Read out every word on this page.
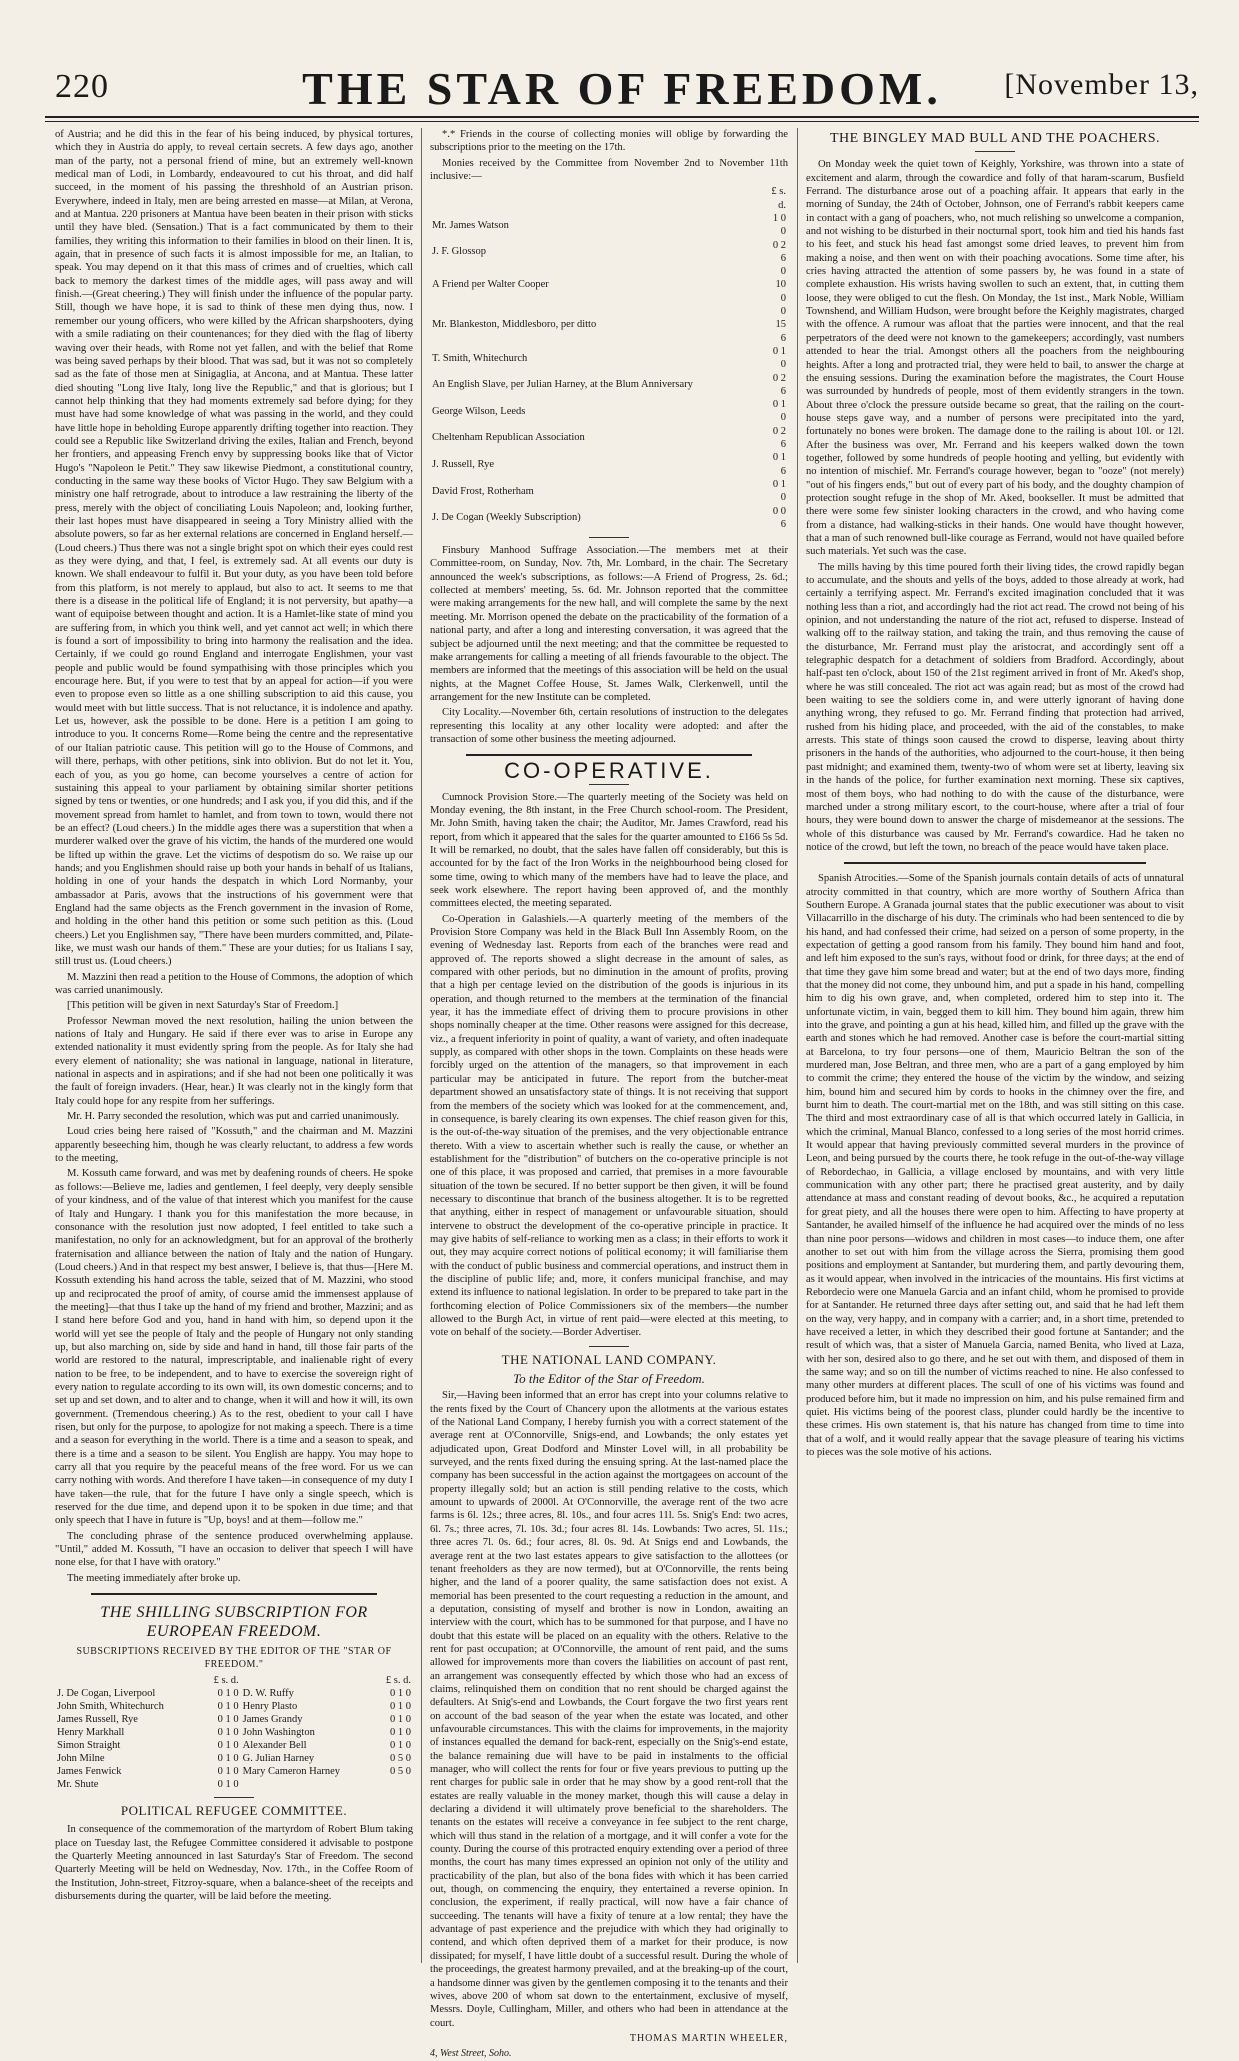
220	THE STAR OF FREEDOM.	[November 13,

of Austria; and he did this in the fear of his being induced, by physical tortures, which they in Austria do apply, to reveal certain secrets. A few days ago, another man of the party, not a personal friend of mine, but an extremely well-known medical man of Lodi, in Lombardy, endeavoured to cut his throat, and did half succeed, in the moment of his passing the threshhold of an Austrian prison. Everywhere, indeed in Italy, men are being arrested en masse—at Milan, at Verona, and at Mantua. 220 prisoners at Mantua have been beaten in their prison with sticks until they have bled. (Sensation.) That is a fact communicated by them to their families, they writing this information to their families in blood on their linen. It is, again, that in presence of such facts it is almost impossible for me, an Italian, to speak. You may depend on it that this mass of crimes and of cruelties, which call back to memory the darkest times of the middle ages, will pass away and will finish.—(Great cheering.) They will finish under the influence of the popular party. Still, though we have hope, it is sad to think of these men dying thus, now. I remember our young officers, who were killed by the African sharpshooters, dying with a smile radiating on their countenances; for they died with the flag of liberty waving over their heads, with Rome not yet fallen, and with the belief that Rome was being saved perhaps by their blood. That was sad, but it was not so completely sad as the fate of those men at Sinigaglia, at Ancona, and at Mantua. These latter died shouting "Long live Italy, long live the Republic," and that is glorious; but I cannot help thinking that they had moments extremely sad before dying; for they must have had some knowledge of what was passing in the world, and they could have little hope in beholding Europe apparently drifting together into reaction. They could see a Republic like Switzerland driving the exiles, Italian and French, beyond her frontiers, and appeasing French envy by suppressing books like that of Victor Hugo's "Napoleon le Petit." They saw likewise Piedmont, a constitutional country, conducting in the same way these books of Victor Hugo. They saw Belgium with a ministry one half retrograde, about to introduce a law restraining the liberty of the press, merely with the object of conciliating Louis Napoleon; and, looking further, their last hopes must have disappeared in seeing a Tory Ministry allied with the absolute powers, so far as her external relations are concerned in England herself.—(Loud cheers.) Thus there was not a single bright spot on which their eyes could rest as they were dying, and that, I feel, is extremely sad. At all events our duty is known. We shall endeavour to fulfil it. But your duty, as you have been told before from this platform, is not merely to applaud, but also to act. It seems to me that there is a disease in the political life of England; it is not perversity, but apathy—a want of equipoise between thought and action. It is a Hamlet-like state of mind you are suffering from, in which you think well, and yet cannot act well; in which there is found a sort of impossibility to bring into harmony the realisation and the idea. Certainly, if we could go round England and interrogate Englishmen, your vast people and public would be found sympathising with those principles which you encourage here. But, if you were to test that by an appeal for action—if you were even to propose even so little as a one shilling subscription to aid this cause, you would meet with but little success. That is not reluctance, it is indolence and apathy. Let us, however, ask the possible to be done. Here is a petition I am going to introduce to you. It concerns Rome—Rome being the centre and the representative of our Italian patriotic cause. This petition will go to the House of Commons, and will there, perhaps, with other petitions, sink into oblivion. But do not let it. You, each of you, as you go home, can become yourselves a centre of action for sustaining this appeal to your parliament by obtaining similar shorter petitions signed by tens or twenties, or one hundreds; and I ask you, if you did this, and if the movement spread from hamlet to hamlet, and from town to town, would there not be an effect? (Loud cheers.) In the middle ages there was a superstition that when a murderer walked over the grave of his victim, the hands of the murdered one would be lifted up within the grave. Let the victims of despotism do so. We raise up our hands; and you Englishmen should raise up both your hands in behalf of us Italians, holding in one of your hands the despatch in which Lord Normanby, your ambassador at Paris, avows that the instructions of his government were that England had the same objects as the French government in the invasion of Rome, and holding in the other hand this petition or some such petition as this. (Loud cheers.) Let you Englishmen say, "There have been murders committed, and, Pilate-like, we must wash our hands of them." These are your duties; for us Italians I say, still trust us. (Loud cheers.)

M. Mazzini then read a petition to the House of Commons, the adoption of which was carried unanimously.

[This petition will be given in next Saturday's Star of Freedom.]

Professor Newman moved the next resolution, hailing the union between the nations of Italy and Hungary. He said if there ever was to arise in Europe any extended nationality it must evidently spring from the people. As for Italy she had every element of nationality; she was national in language, national in literature, national in aspects and in aspirations; and if she had not been one politically it was the fault of foreign invaders. (Hear, hear.) It was clearly not in the kingly form that Italy could hope for any respite from her sufferings.

Mr. H. Parry seconded the resolution, which was put and carried unanimously.

Loud cries being here raised of "Kossuth," and the chairman and M. Mazzini apparently beseeching him, though he was clearly reluctant, to address a few words to the meeting,

M. Kossuth came forward, and was met by deafening rounds of cheers. He spoke as follows:—Believe me, ladies and gentlemen, I feel deeply, very deeply sensible of your kindness, and of the value of that interest which you manifest for the cause of Italy and Hungary. I thank you for this manifestation the more because, in consonance with the resolution just now adopted, I feel entitled to take such a manifestation, no only for an acknowledgment, but for an approval of the brotherly fraternisation and alliance between the nation of Italy and the nation of Hungary. (Loud cheers.) And in that respect my best answer, I believe is, that thus—[Here M. Kossuth extending his hand across the table, seized that of M. Mazzini, who stood up and reciprocated the proof of amity, of course amid the immensest applause of the meeting]—that thus I take up the hand of my friend and brother, Mazzini; and as I stand here before God and you, hand in hand with him, so depend upon it the world will yet see the people of Italy and the people of Hungary not only standing up, but also marching on, side by side and hand in hand, till those fair parts of the world are restored to the natural, imprescriptable, and inalienable right of every nation to be free, to be independent, and to have to exercise the sovereign right of every nation to regulate according to its own will, its own domestic concerns; and to set up and set down, and to alter and to change, when it will and how it will, its own government. (Tremendous cheering.) As to the rest, obedient to your call I have risen, but only for the purpose, to apologize for not making a speech. There is a time and a season for everything in the world. There is a time and a season to speak, and there is a time and a season to be silent. You English are happy. You may hope to carry all that you require by the peaceful means of the free word. For us we can carry nothing with words. And therefore I have taken—in consequence of my duty I have taken—the rule, that for the future I have only a single speech, which is reserved for the due time, and depend upon it to be spoken in due time; and that only speech that I have in future is "Up, boys! and at them—follow me."

The concluding phrase of the sentence produced overwhelming applause. "Until," added M. Kossuth, "I have an occasion to deliver that speech I will have none else, for that I have with oratory."

The meeting immediately after broke up.

THE SHILLING SUBSCRIPTION FOR EUROPEAN FREEDOM.

SUBSCRIPTIONS RECEIVED BY THE EDITOR OF THE "STAR OF FREEDOM."

	£ s. d.		£ s. d.
J. De Cogan, Liverpool	0 1 0	D. W. Ruffy	0 1 0
John Smith, Whitechurch	0 1 0	Henry Plasto	0 1 0
James Russell, Rye	0 1 0	James Grandy	0 1 0
Henry Markhall	0 1 0	John Washington	0 1 0
Simon Straight	0 1 0	Alexander Bell	0 1 0
John Milne	0 1 0	G. Julian Harney	0 5 0
James Fenwick	0 1 0	Mary Cameron Harney	0 5 0
Mr. Shute	0 1 0		

POLITICAL REFUGEE COMMITTEE.

In consequence of the commemoration of the martyrdom of Robert Blum taking place on Tuesday last, the Refugee Committee considered it advisable to postpone the Quarterly Meeting announced in last Saturday's Star of Freedom. The second Quarterly Meeting will be held on Wednesday, Nov. 17th., in the Coffee Room of the Institution, John-street, Fitzroy-square, when a balance-sheet of the receipts and disbursements during the quarter, will be laid before the meeting.

*.* Friends in the course of collecting monies will oblige by forwarding the subscriptions prior to the meeting on the 17th.

Monies received by the Committee from November 2nd to November 11th inclusive:—

	£ s. d.
Mr. James Watson	1 0 0
J. F. Glossop	0 2 6
A Friend per Walter Cooper	0 10 0
Mr. Blankeston, Middlesboro, per ditto	0 15 6
T. Smith, Whitechurch	0 1 0
An English Slave, per Julian Harney, at the Blum Anniversary	0 2 6
George Wilson, Leeds	0 1 0
Cheltenham Republican Association	0 2 6
J. Russell, Rye	0 1 6
David Frost, Rotherham	0 1 0
J. De Cogan (Weekly Subscription)	0 0 6

Finsbury Manhood Suffrage Association.—The members met at their Committee-room, on Sunday, Nov. 7th, Mr. Lombard, in the chair. The Secretary announced the week's subscriptions, as follows:—A Friend of Progress, 2s. 6d.; collected at members' meeting, 5s. 6d. Mr. Johnson reported that the committee were making arrangements for the new hall, and will complete the same by the next meeting. Mr. Morrison opened the debate on the practicability of the formation of a national party, and after a long and interesting conversation, it was agreed that the subject be adjourned until the next meeting; and that the committee be requested to make arrangements for calling a meeting of all friends favourable to the object. The members are informed that the meetings of this association will be held on the usual nights, at the Magnet Coffee House, St. James Walk, Clerkenwell, until the arrangement for the new Institute can be completed.

City Locality.—November 6th, certain resolutions of instruction to the delegates representing this locality at any other locality were adopted: and after the transaction of some other business the meeting adjourned.

CO-OPERATIVE.

Cumnock Provision Store.—The quarterly meeting of the Society was held on Monday evening, the 8th instant, in the Free Church school-room. The President, Mr. John Smith, having taken the chair; the Auditor, Mr. James Crawford, read his report, from which it appeared that the sales for the quarter amounted to £166 5s 5d. It will be remarked, no doubt, that the sales have fallen off considerably, but this is accounted for by the fact of the Iron Works in the neighbourhood being closed for some time, owing to which many of the members have had to leave the place, and seek work elsewhere. The report having been approved of, and the monthly committees elected, the meeting separated.

Co-Operation in Galashiels.—A quarterly meeting of the members of the Provision Store Company was held in the Black Bull Inn Assembly Room, on the evening of Wednesday last. Reports from each of the branches were read and approved of. The reports showed a slight decrease in the amount of sales, as compared with other periods, but no diminution in the amount of profits, proving that a high per centage levied on the distribution of the goods is injurious in its operation, and though returned to the members at the termination of the financial year, it has the immediate effect of driving them to procure provisions in other shops nominally cheaper at the time. Other reasons were assigned for this decrease, viz., a frequent inferiority in point of quality, a want of variety, and often inadequate supply, as compared with other shops in the town. Complaints on these heads were forcibly urged on the attention of the managers, so that improvement in each particular may be anticipated in future. The report from the butcher-meat department showed an unsatisfactory state of things. It is not receiving that support from the members of the society which was looked for at the commencement, and, in consequence, is barely clearing its own expenses. The chief reason given for this, is the out-of-the-way situation of the premises, and the very objectionable entrance thereto. With a view to ascertain whether such is really the cause, or whether an establishment for the "distribution" of butchers on the co-operative principle is not one of this place, it was proposed and carried, that premises in a more favourable situation of the town be secured. If no better support be then given, it will be found necessary to discontinue that branch of the business altogether. It is to be regretted that anything, either in respect of management or unfavourable situation, should intervene to obstruct the development of the co-operative principle in practice. It may give habits of self-reliance to working men as a class; in their efforts to work it out, they may acquire correct notions of political economy; it will familiarise them with the conduct of public business and commercial operations, and instruct them in the discipline of public life; and, more, it confers municipal franchise, and may extend its influence to national legislation. In order to be prepared to take part in the forthcoming election of Police Commissioners six of the members—the number allowed to the Burgh Act, in virtue of rent paid—were elected at this meeting, to vote on behalf of the society.—Border Advertiser.

THE NATIONAL LAND COMPANY.

To the Editor of the Star of Freedom.

Sir,—Having been informed that an error has crept into your columns relative to the rents fixed by the Court of Chancery upon the allotments at the various estates of the National Land Company, I hereby furnish you with a correct statement of the average rent at O'Connorville, Snigs-end, and Lowbands; the only estates yet adjudicated upon, Great Dodford and Minster Lovel will, in all probability be surveyed, and the rents fixed during the ensuing spring. At the last-named place the company has been successful in the action against the mortgagees on account of the property illegally sold; but an action is still pending relative to the costs, which amount to upwards of 2000l. At O'Connorville, the average rent of the two acre farms is 6l. 12s.; three acres, 8l. 10s., and four acres 11l. 5s. Snig's End: two acres, 6l. 7s.; three acres, 7l. 10s. 3d.; four acres 8l. 14s. Lowbands: Two acres, 5l. 11s.; three acres 7l. 0s. 6d.; four acres, 8l. 0s. 9d. At Snigs end and Lowbands, the average rent at the two last estates appears to give satisfaction to the allottees (or tenant freeholders as they are now termed), but at O'Connorville, the rents being higher, and the land of a poorer quality, the same satisfaction does not exist. A memorial has been presented to the court requesting a reduction in the amount, and a deputation, consisting of myself and brother is now in London, awaiting an interview with the court, which has to be summoned for that purpose, and I have no doubt that this estate will be placed on an equality with the others. Relative to the rent for past occupation; at O'Connorville, the amount of rent paid, and the sums allowed for improvements more than covers the liabilities on account of past rent, an arrangement was consequently effected by which those who had an excess of claims, relinquished them on condition that no rent should be charged against the defaulters. At Snig's-end and Lowbands, the Court forgave the two first years rent on account of the bad season of the year when the estate was located, and other unfavourable circumstances. This with the claims for improvements, in the majority of instances equalled the demand for back-rent, especially on the Snig's-end estate, the balance remaining due will have to be paid in instalments to the official manager, who will collect the rents for four or five years previous to putting up the rent charges for public sale in order that he may show by a good rent-roll that the estates are really valuable in the money market, though this will cause a delay in declaring a dividend it will ultimately prove beneficial to the shareholders. The tenants on the estates will receive a conveyance in fee subject to the rent charge, which will thus stand in the relation of a mortgage, and it will confer a vote for the county. During the course of this protracted enquiry extending over a period of three months, the court has many times expressed an opinion not only of the utility and practicability of the plan, but also of the bona fides with which it has been carried out, though, on commencing the enquiry, they entertained a reverse opinion. In conclusion, the experiment, if really practical, will now have a fair chance of succeeding. The tenants will have a fixity of tenure at a low rental; they have the advantage of past experience and the prejudice with which they had originally to contend, and which often deprived them of a market for their produce, is now dissipated; for myself, I have little doubt of a successful result. During the whole of the proceedings, the greatest harmony prevailed, and at the breaking-up of the court, a handsome dinner was given by the gentlemen composing it to the tenants and their wives, above 200 of whom sat down to the entertainment, exclusive of myself, Messrs. Doyle, Cullingham, Miller, and others who had been in attendance at the court.

THOMAS MARTIN WHEELER,

4, West Street, Soho.

THE BINGLEY MAD BULL AND THE POACHERS.

On Monday week the quiet town of Keighly, Yorkshire, was thrown into a state of excitement and alarm, through the cowardice and folly of that haram-scarum, Busfield Ferrand. The disturbance arose out of a poaching affair. It appears that early in the morning of Sunday, the 24th of October, Johnson, one of Ferrand's rabbit keepers came in contact with a gang of poachers, who, not much relishing so unwelcome a companion, and not wishing to be disturbed in their nocturnal sport, took him and tied his hands fast to his feet, and stuck his head fast amongst some dried leaves, to prevent him from making a noise, and then went on with their poaching avocations. Some time after, his cries having attracted the attention of some passers by, he was found in a state of complete exhaustion. His wrists having swollen to such an extent, that, in cutting them loose, they were obliged to cut the flesh. On Monday, the 1st inst., Mark Noble, William Townshend, and William Hudson, were brought before the Keighly magistrates, charged with the offence. A rumour was afloat that the parties were innocent, and that the real perpetrators of the deed were not known to the gamekeepers; accordingly, vast numbers attended to hear the trial. Amongst others all the poachers from the neighbouring heights. After a long and protracted trial, they were held to bail, to answer the charge at the ensuing sessions. During the examination before the magistrates, the Court House was surrounded by hundreds of people, most of them evidently strangers in the town. About three o'clock the pressure outside became so great, that the railing on the court-house steps gave way, and a number of persons were precipitated into the yard, fortunately no bones were broken. The damage done to the railing is about 10l. or 12l. After the business was over, Mr. Ferrand and his keepers walked down the town together, followed by some hundreds of people hooting and yelling, but evidently with no intention of mischief. Mr. Ferrand's courage however, began to "ooze" (not merely) "out of his fingers ends," but out of every part of his body, and the doughty champion of protection sought refuge in the shop of Mr. Aked, bookseller. It must be admitted that there were some few sinister looking characters in the crowd, and who having come from a distance, had walking-sticks in their hands. One would have thought however, that a man of such renowned bull-like courage as Ferrand, would not have quailed before such materials. Yet such was the case.

The mills having by this time poured forth their living tides, the crowd rapidly began to accumulate, and the shouts and yells of the boys, added to those already at work, had certainly a terrifying aspect. Mr. Ferrand's excited imagination concluded that it was nothing less than a riot, and accordingly had the riot act read. The crowd not being of his opinion, and not understanding the nature of the riot act, refused to disperse. Instead of walking off to the railway station, and taking the train, and thus removing the cause of the disturbance, Mr. Ferrand must play the aristocrat, and accordingly sent off a telegraphic despatch for a detachment of soldiers from Bradford. Accordingly, about half-past ten o'clock, about 150 of the 21st regiment arrived in front of Mr. Aked's shop, where he was still concealed. The riot act was again read; but as most of the crowd had been waiting to see the soldiers come in, and were utterly ignorant of having done anything wrong, they refused to go. Mr. Ferrand finding that protection had arrived, rushed from his hiding place, and proceeded, with the aid of the constables, to make arrests. This state of things soon caused the crowd to disperse, leaving about thirty prisoners in the hands of the authorities, who adjourned to the court-house, it then being past midnight; and examined them, twenty-two of whom were set at liberty, leaving six in the hands of the police, for further examination next morning. These six captives, most of them boys, who had nothing to do with the cause of the disturbance, were marched under a strong military escort, to the court-house, where after a trial of four hours, they were bound down to answer the charge of misdemeanor at the sessions. The whole of this disturbance was caused by Mr. Ferrand's cowardice. Had he taken no notice of the crowd, but left the town, no breach of the peace would have taken place.

Spanish Atrocities.—Some of the Spanish journals contain details of acts of unnatural atrocity committed in that country, which are more worthy of Southern Africa than Southern Europe. A Granada journal states that the public executioner was about to visit Villacarrillo in the discharge of his duty. The criminals who had been sentenced to die by his hand, and had confessed their crime, had seized on a person of some property, in the expectation of getting a good ransom from his family. They bound him hand and foot, and left him exposed to the sun's rays, without food or drink, for three days; at the end of that time they gave him some bread and water; but at the end of two days more, finding that the money did not come, they unbound him, and put a spade in his hand, compelling him to dig his own grave, and, when completed, ordered him to step into it. The unfortunate victim, in vain, begged them to kill him. They bound him again, threw him into the grave, and pointing a gun at his head, killed him, and filled up the grave with the earth and stones which he had removed. Another case is before the court-martial sitting at Barcelona, to try four persons—one of them, Mauricio Beltran the son of the murdered man, Jose Beltran, and three men, who are a part of a gang employed by him to commit the crime; they entered the house of the victim by the window, and seizing him, bound him and secured him by cords to hooks in the chimney over the fire, and burnt him to death. The court-martial met on the 18th, and was still sitting on this case. The third and most extraordinary case of all is that which occurred lately in Gallicia, in which the criminal, Manual Blanco, confessed to a long series of the most horrid crimes. It would appear that having previously committed several murders in the province of Leon, and being pursued by the courts there, he took refuge in the out-of-the-way village of Rebordechao, in Gallicia, a village enclosed by mountains, and with very little communication with any other part; there he practised great austerity, and by daily attendance at mass and constant reading of devout books, &c., he acquired a reputation for great piety, and all the houses there were open to him. Affecting to have property at Santander, he availed himself of the influence he had acquired over the minds of no less than nine poor persons—widows and children in most cases—to induce them, one after another to set out with him from the village across the Sierra, promising them good positions and employment at Santander, but murdering them, and partly devouring them, as it would appear, when involved in the intricacies of the mountains. His first victims at Rebordecio were one Manuela Garcia and an infant child, whom he promised to provide for at Santander. He returned three days after setting out, and said that he had left them on the way, very happy, and in company with a carrier; and, in a short time, pretended to have received a letter, in which they described their good fortune at Santander; and the result of which was, that a sister of Manuela Garcia, named Benita, who lived at Laza, with her son, desired also to go there, and he set out with them, and disposed of them in the same way; and so on till the number of victims reached to nine. He also confessed to many other murders at different places. The scull of one of his victims was found and produced before him, but it made no impression on him, and his pulse remained firm and quiet. His victims being of the poorest class, plunder could hardly be the incentive to these crimes. His own statement is, that his nature has changed from time to time into that of a wolf, and it would really appear that the savage pleasure of tearing his victims to pieces was the sole motive of his actions.
